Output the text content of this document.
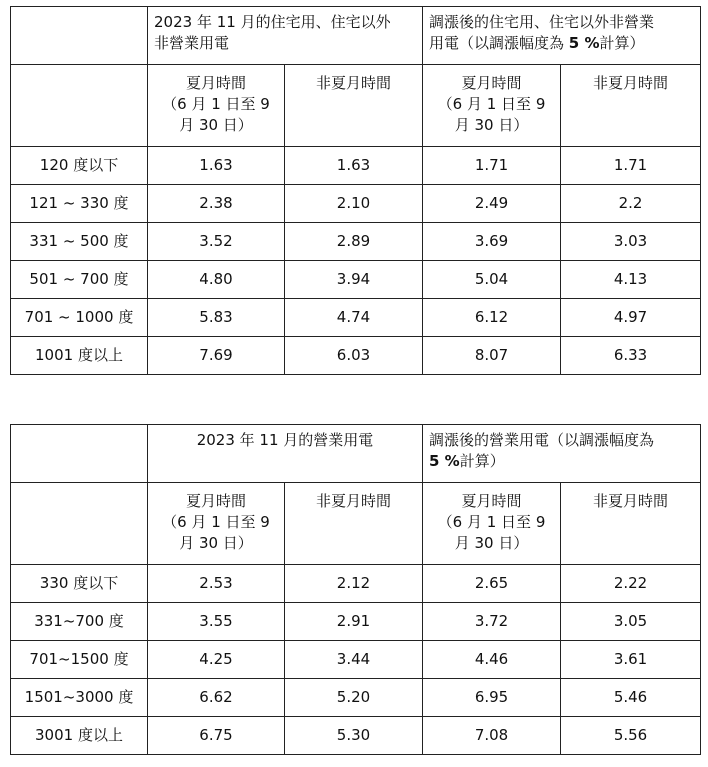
	2023 年 11 月的住宅用、住宅以外
非營業用電		調漲後的住宅用、住宅以外非營業
用電（以調漲幅度為 5 %計算）	

	夏月時間
（6 月 1 日至 9
月 30 日）	非夏月時間	夏月時間
（6 月 1 日至 9
月 30 日）	非夏月時間

120 度以下	1.63	1.63	1.71	1.71
121 ~ 330 度	2.38	2.10	2.49	2.2
331 ~ 500 度	3.52	2.89	3.69	3.03
501 ~ 700 度	4.80	3.94	5.04	4.13
701 ~ 1000 度	5.83	4.74	6.12	4.97
1001 度以上	7.69	6.03	8.07	6.33
	2023 年 11 月的營業用電		調漲後的營業用電（以調漲幅度為
5 %計算）	

	夏月時間
（6 月 1 日至 9
月 30 日）	非夏月時間	夏月時間
（6 月 1 日至 9
月 30 日）	非夏月時間

330 度以下	2.53	2.12	2.65	2.22
331~700 度	3.55	2.91	3.72	3.05
701~1500 度	4.25	3.44	4.46	3.61
1501~3000 度	6.62	5.20	6.95	5.46
3001 度以上	6.75	5.30	7.08	5.56
